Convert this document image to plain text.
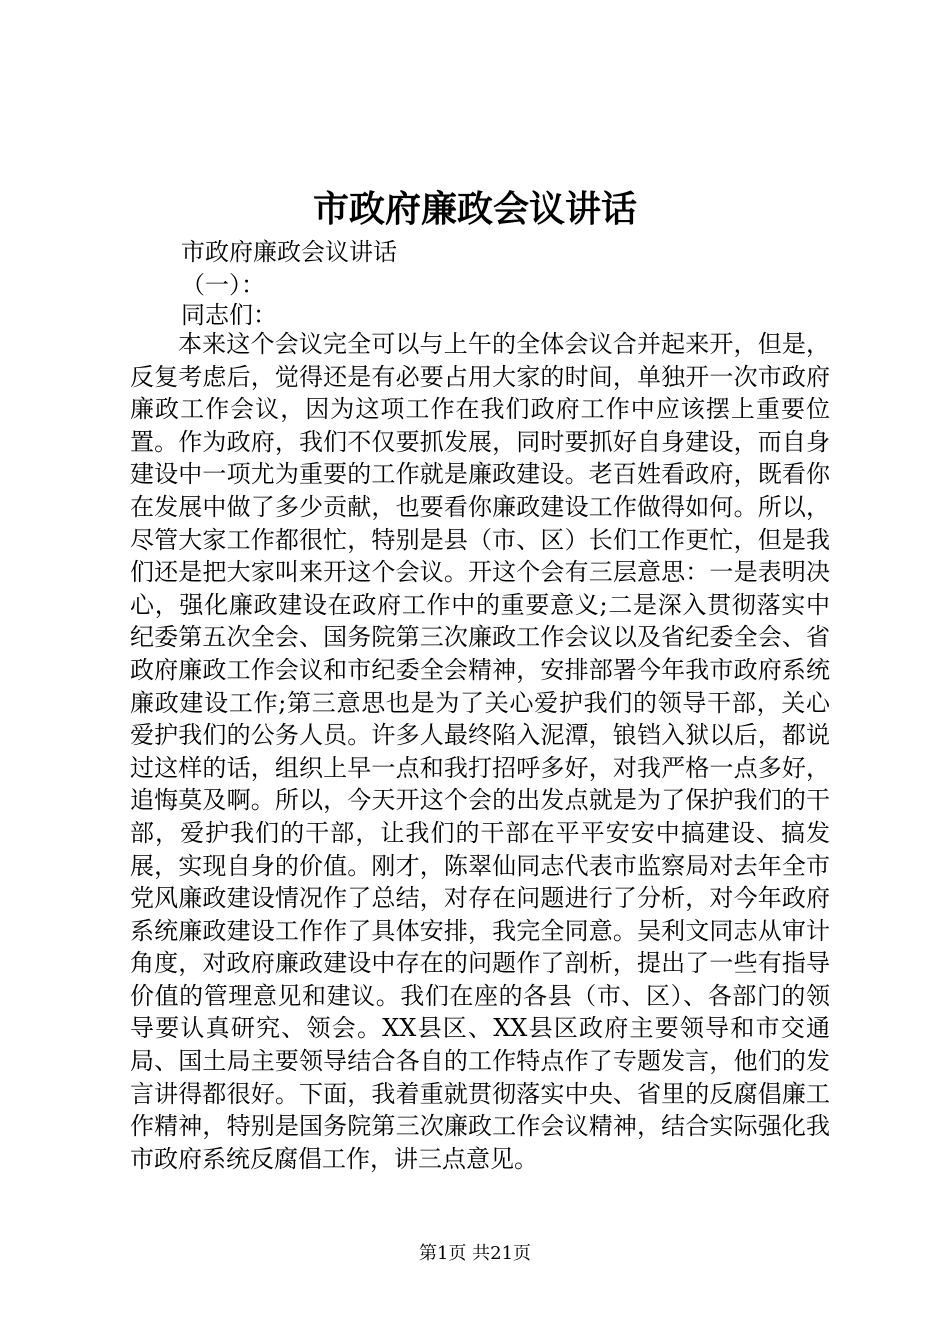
市政府廉政会议讲话
市政府廉政会议讲话
（一）：
同志们：

本来这个会议完全可以与上午的全体会议合并起来开，但是，反复考虑后，觉得还是有必要占用大家的时间，单独开一次市政府廉政工作会议，因为这项工作在我们政府工作中应该摆上重要位置。作为政府，我们不仅要抓发展，同时要抓好自身建设，而自身建设中一项尤为重要的工作就是廉政建设。老百姓看政府，既看你在发展中做了多少贡献，也要看你廉政建设工作做得如何。所以，尽管大家工作都很忙，特别是县（市、区）长们工作更忙，但是我们还是把大家叫来开这个会议。开这个会有三层意思：一是表明决心，强化廉政建设在政府工作中的重要意义;二是深入贯彻落实中纪委第五次全会、国务院第三次廉政工作会议以及省纪委全会、省政府廉政工作会议和市纪委全会精神，安排部署今年我市政府系统廉政建设工作;第三意思也是为了关心爱护我们的领导干部，关心爱护我们的公务人员。许多人最终陷入泥潭，锒铛入狱以后，都说过这样的话，组织上早一点和我打招呼多好，对我严格一点多好，追悔莫及啊。所以，今天开这个会的出发点就是为了保护我们的干部，爱护我们的干部，让我们的干部在平平安安中搞建设、搞发展，实现自身的价值。刚才，陈翠仙同志代表市监察局对去年全市党风廉政建设情况作了总结，对存在问题进行了分析，对今年政府系统廉政建设工作作了具体安排，我完全同意。吴利文同志从审计角度，对政府廉政建设中存在的问题作了剖析，提出了一些有指导价值的管理意见和建议。我们在座的各县（市、区）、各部门的领导要认真研究、领会。XX县区、XX县区政府主要领导和市交通局、国土局主要领导结合各自的工作特点作了专题发言，他们的发言讲得都很好。下面，我着重就贯彻落实中央、省里的反腐倡廉工作精神，特别是国务院第三次廉政工作会议精神，结合实际强化我市政府系统反腐倡工作，讲三点意见。

第1页 共21页
